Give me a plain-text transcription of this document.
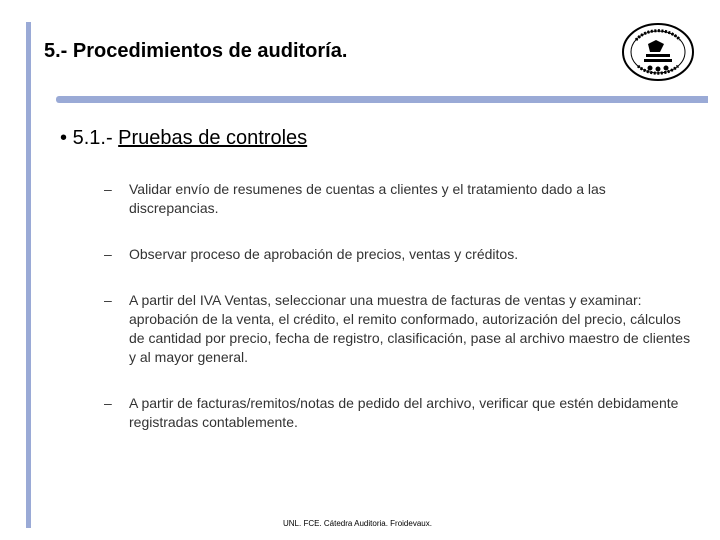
5.- Procedimientos de auditoría.
• 5.1.- Pruebas de controles
– Validar envío de resumenes de cuentas a clientes y el tratamiento dado a las discrepancias.
– Observar proceso de aprobación de precios, ventas y créditos.
– A partir del IVA Ventas, seleccionar una muestra de facturas de ventas y examinar: aprobación de la venta, el crédito, el remito conformado, autorización del precio, cálculos de cantidad por precio, fecha de registro, clasificación, pase al archivo maestro de clientes y al mayor general.
– A partir de facturas/remitos/notas de pedido del archivo, verificar que estén debidamente registradas contablemente.
UNL. FCE. Cátedra Auditoria. Froidevaux.
